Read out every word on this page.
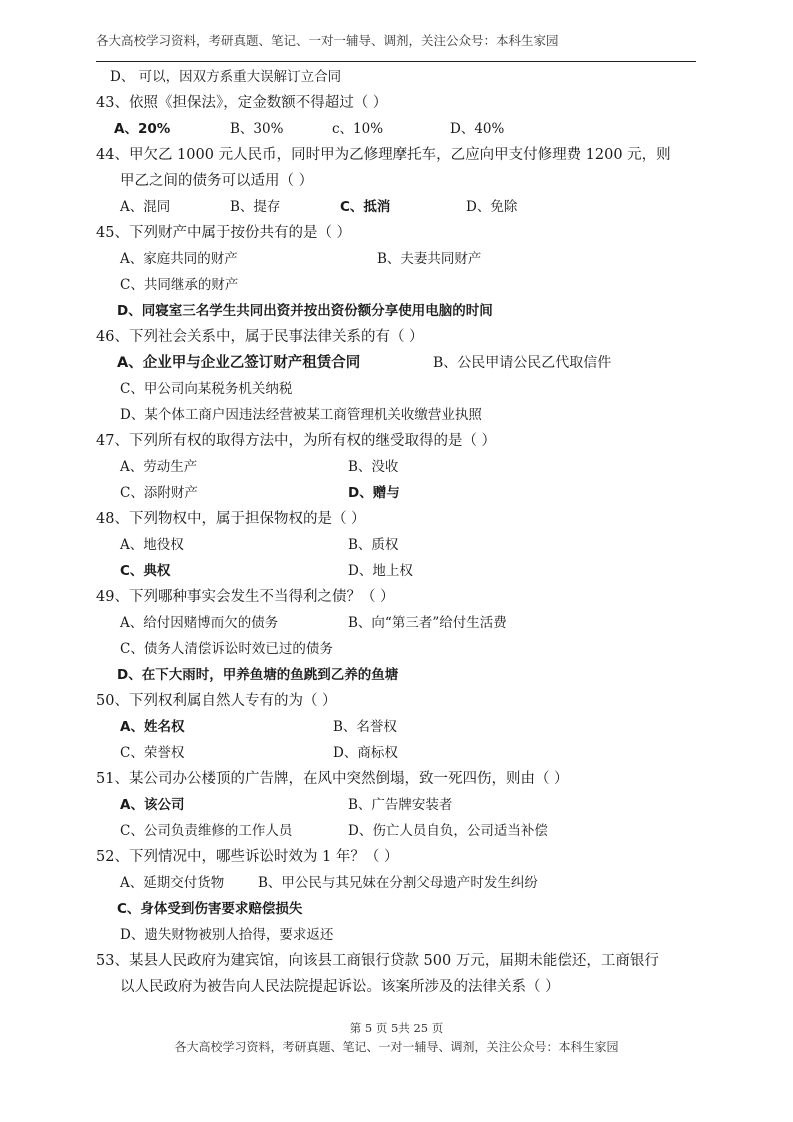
各大高校学习资料，考研真题、笔记、一对一辅导、调剂，关注公众号：本科生家园
D、 可以，因双方系重大误解订立合同
43、依照《担保法》，定金数额不得超过（ ）
A、20%	B、30%	c、10%	D、40%
44、甲欠乙 1000 元人民币，同时甲为乙修理摩托车，乙应向甲支付修理费 1200 元，则
甲乙之间的债务可以适用（ ）
A、混同	B、提存	C、抵消	D、免除
45、下列财产中属于按份共有的是（ ）
A、家庭共同的财产	B、夫妻共同财产
C、共同继承的财产
D、同寝室三名学生共同出资并按出资份额分享使用电脑的时间
46、下列社会关系中，属于民事法律关系的有（ ）
A、企业甲与企业乙签订财产租赁合同	B、公民甲请公民乙代取信件
C、甲公司向某税务机关纳税
D、某个体工商户因违法经营被某工商管理机关收缴营业执照
47、下列所有权的取得方法中，为所有权的继受取得的是（ ）
A、劳动生产	B、没收
C、添附财产	D、赠与
48、下列物权中，属于担保物权的是（ ）
A、地役权	B、质权
C、典权	D、地上权
49、下列哪种事实会发生不当得利之债？（ ）
A、给付因赌博而欠的债务	B、向“第三者”给付生活费
C、债务人清偿诉讼时效已过的债务
D、在下大雨时，甲养鱼塘的鱼跳到乙养的鱼塘
50、下列权利属自然人专有的为（ ）
A、姓名权	B、名誉权
C、荣誉权	D、商标权
51、某公司办公楼顶的广告牌，在风中突然倒塌，致一死四伤，则由（ ）
A、该公司	B、广告牌安装者
C、公司负责维修的工作人员	D、伤亡人员自负，公司适当补偿
52、下列情况中，哪些诉讼时效为 1 年？（ ）
A、延期交付货物	B、甲公民与其兄妹在分割父母遗产时发生纠纷
C、身体受到伤害要求赔偿损失
D、遗失财物被别人拾得，要求返还
53、某县人民政府为建宾馆，向该县工商银行贷款 500 万元，届期未能偿还，工商银行
以人民政府为被告向人民法院提起诉讼。该案所涉及的法律关系（ ）
第 5 页 5共 25 页
各大高校学习资料，考研真题、笔记、一对一辅导、调剂，关注公众号：本科生家园
